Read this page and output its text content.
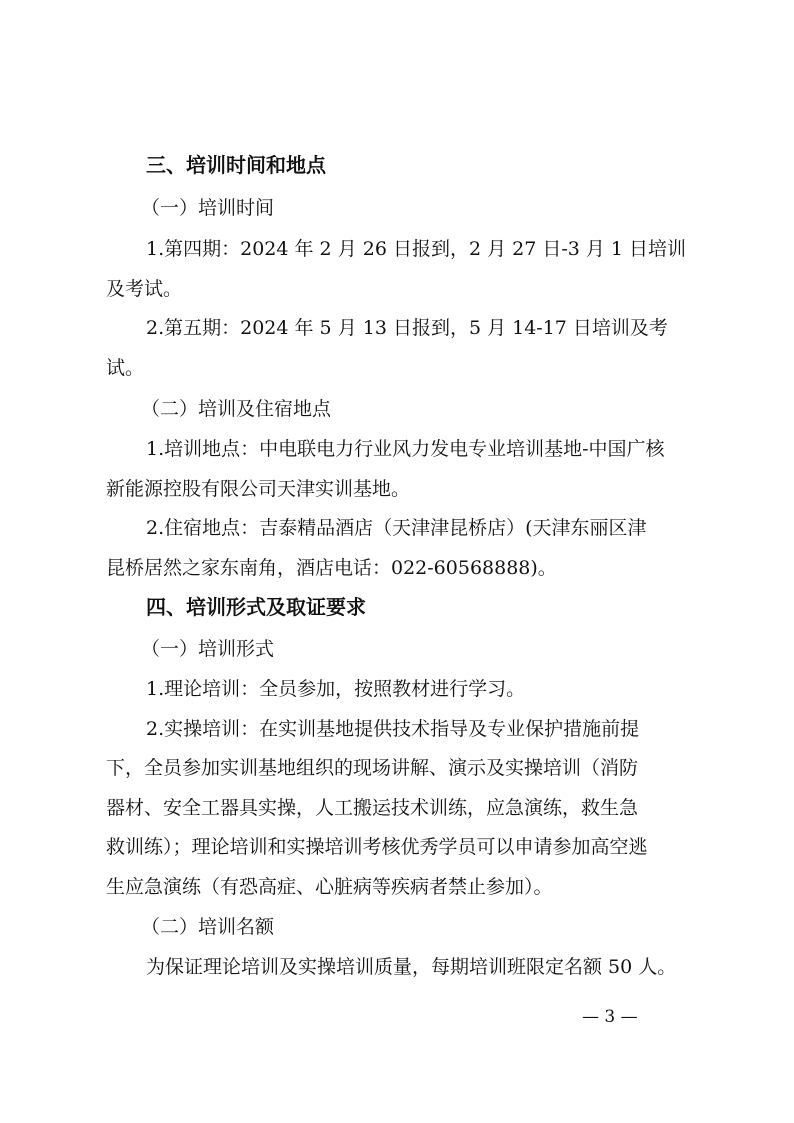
三、培训时间和地点
（一）培训时间
1.第四期：2024 年 2 月 26 日报到，2 月 27 日-3 月 1 日培训
及考试。
2.第五期：2024 年 5 月 13 日报到，5 月 14-17 日培训及考
试。
（二）培训及住宿地点
1.培训地点：中电联电力行业风力发电专业培训基地-中国广核
新能源控股有限公司天津实训基地。
2.住宿地点：吉泰精品酒店（天津津昆桥店）(天津东丽区津
昆桥居然之家东南角，酒店电话：022-60568888)。
四、培训形式及取证要求
（一）培训形式
1.理论培训：全员参加，按照教材进行学习。
2.实操培训：在实训基地提供技术指导及专业保护措施前提
下，全员参加实训基地组织的现场讲解、演示及实操培训（消防
器材、安全工器具实操，人工搬运技术训练，应急演练，救生急
救训练）；理论培训和实操培训考核优秀学员可以申请参加高空逃
生应急演练（有恐高症、心脏病等疾病者禁止参加）。
（二）培训名额
为保证理论培训及实操培训质量，每期培训班限定名额 50 人。
— 3 —
